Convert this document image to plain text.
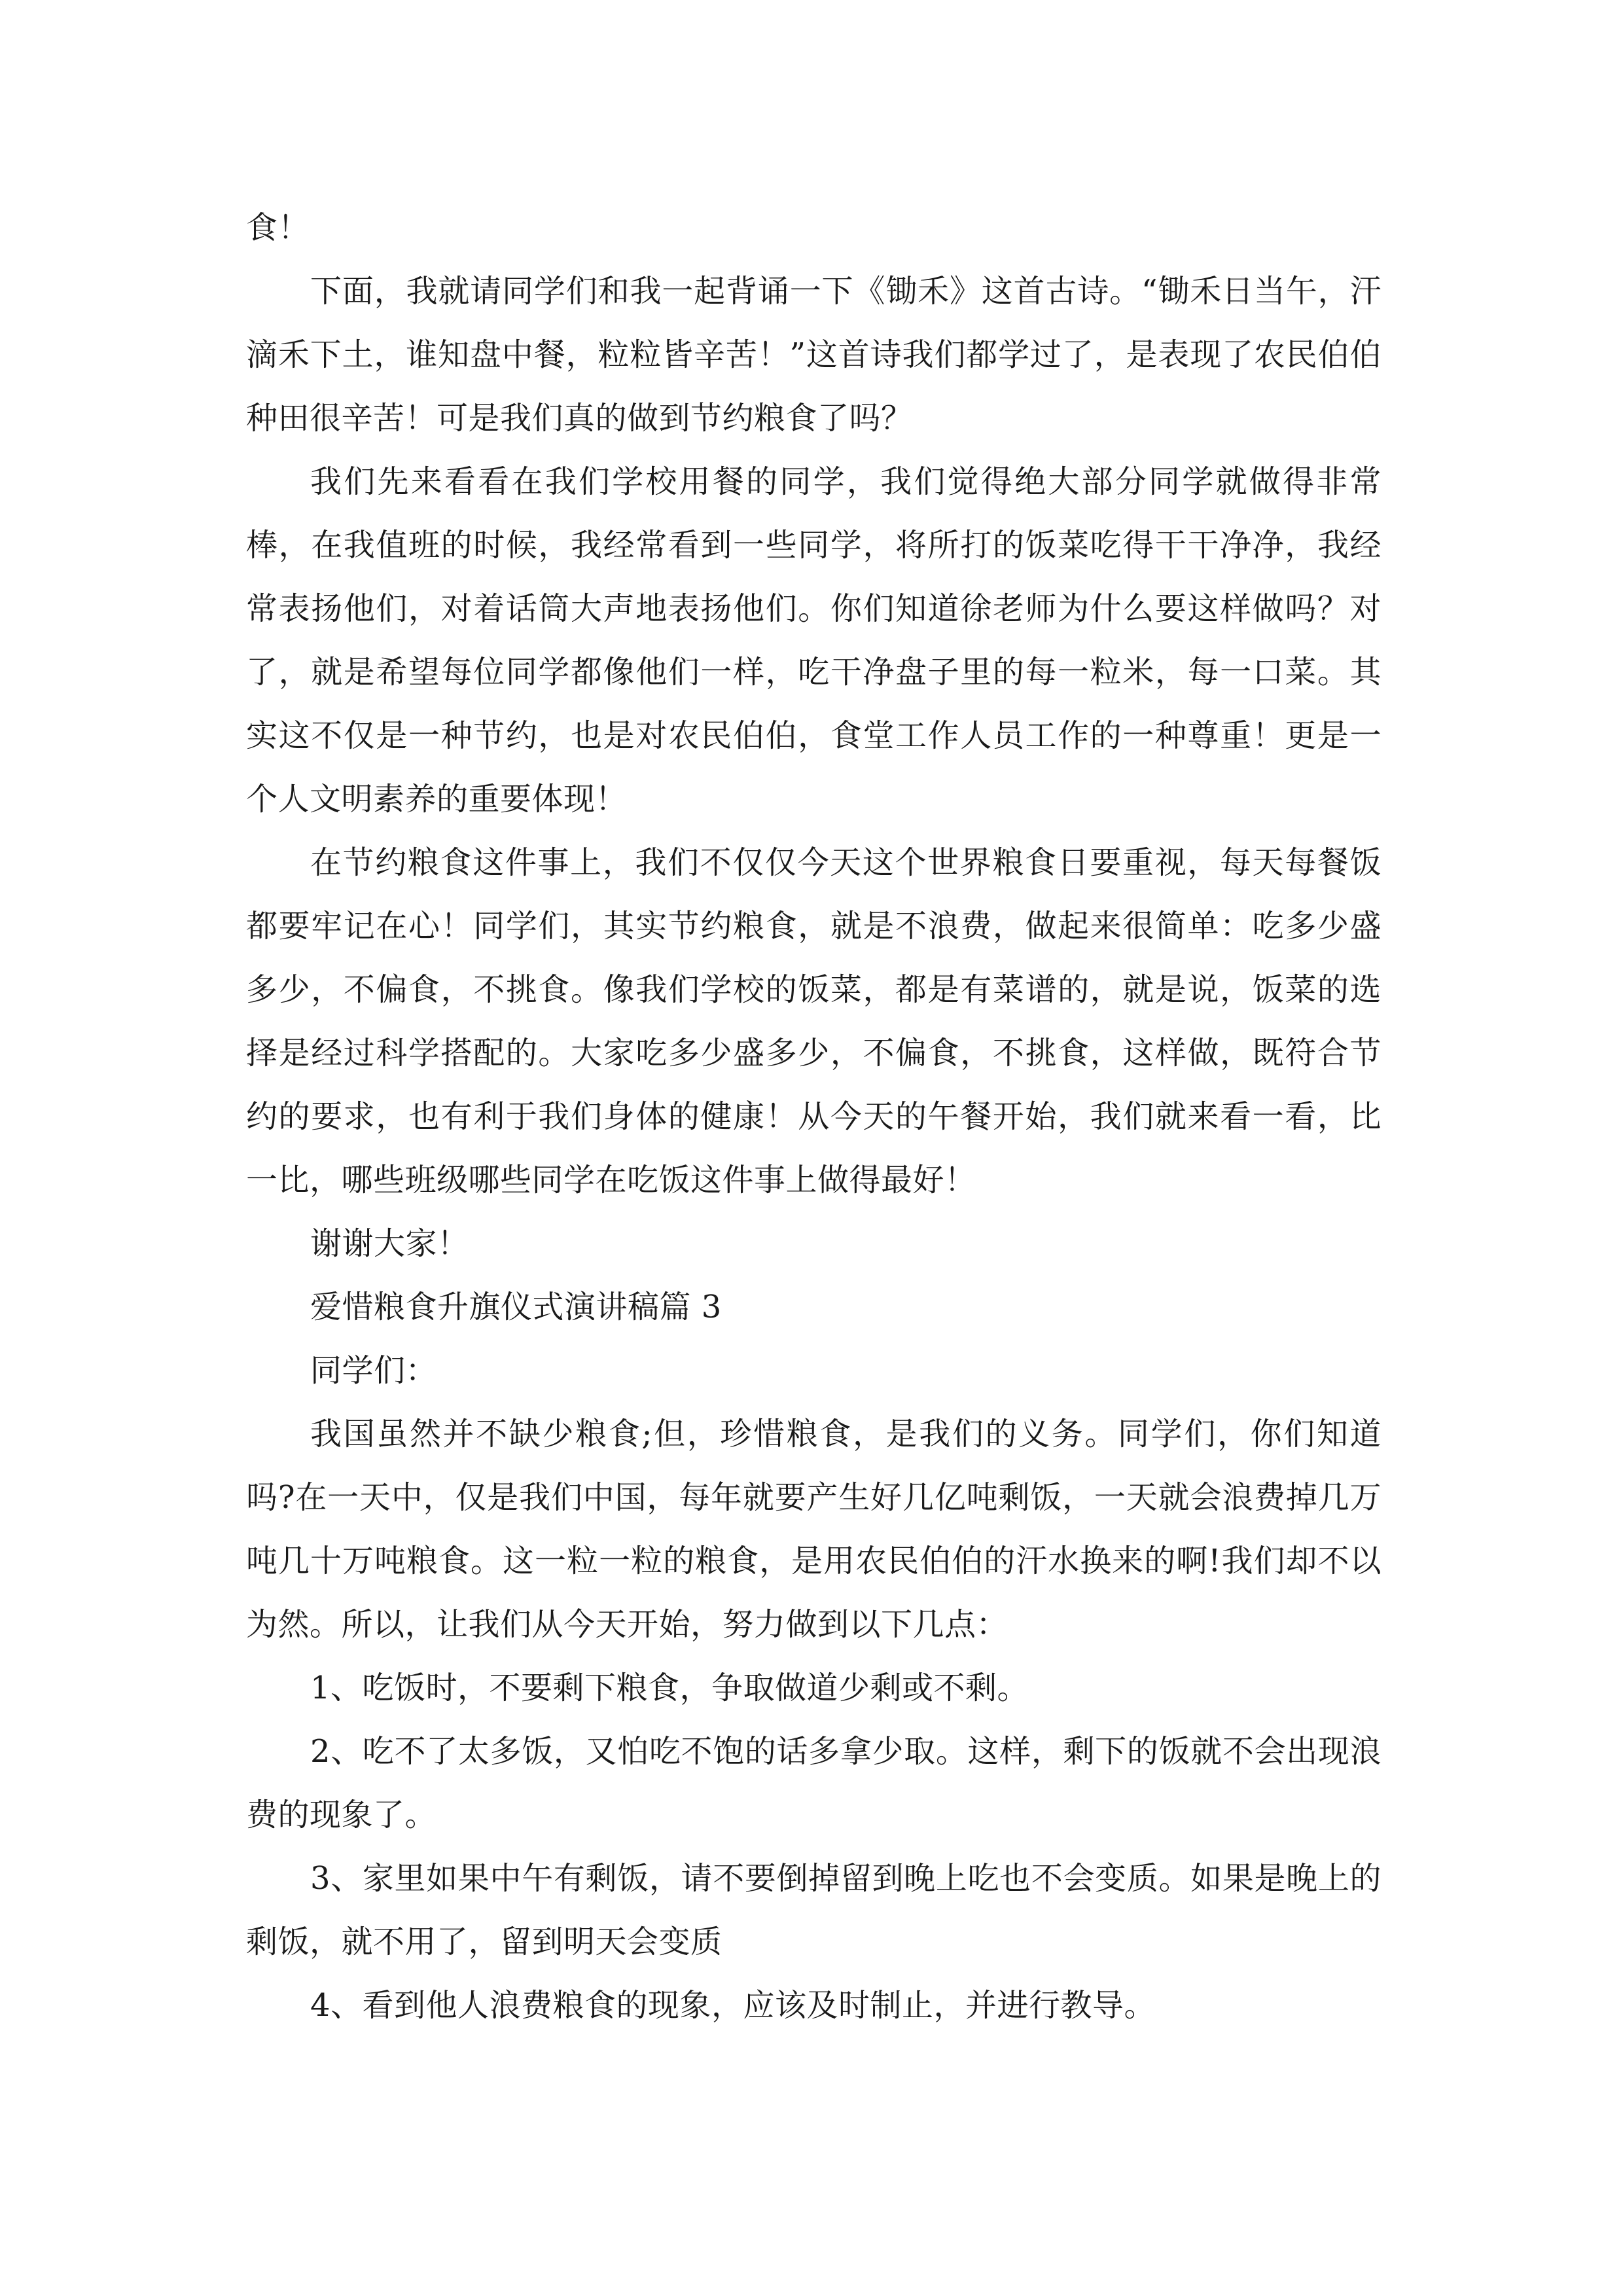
食！

下面，我就请同学们和我一起背诵一下《锄禾》这首古诗。“锄禾日当午，汗滴禾下土，谁知盘中餐，粒粒皆辛苦！”这首诗我们都学过了，是表现了农民伯伯种田很辛苦！可是我们真的做到节约粮食了吗？

我们先来看看在我们学校用餐的同学，我们觉得绝大部分同学就做得非常棒，在我值班的时候，我经常看到一些同学，将所打的饭菜吃得干干净净，我经常表扬他们，对着话筒大声地表扬他们。你们知道徐老师为什么要这样做吗？对了，就是希望每位同学都像他们一样，吃干净盘子里的每一粒米，每一口菜。其实这不仅是一种节约，也是对农民伯伯，食堂工作人员工作的一种尊重！更是一个人文明素养的重要体现！

在节约粮食这件事上，我们不仅仅今天这个世界粮食日要重视，每天每餐饭都要牢记在心！同学们，其实节约粮食，就是不浪费，做起来很简单：吃多少盛多少，不偏食，不挑食。像我们学校的饭菜，都是有菜谱的，就是说，饭菜的选择是经过科学搭配的。大家吃多少盛多少，不偏食，不挑食，这样做，既符合节约的要求，也有利于我们身体的健康！从今天的午餐开始，我们就来看一看，比一比，哪些班级哪些同学在吃饭这件事上做得最好！

谢谢大家！

爱惜粮食升旗仪式演讲稿篇 3

同学们：

我国虽然并不缺少粮食;但，珍惜粮食，是我们的义务。同学们，你们知道吗?在一天中，仅是我们中国，每年就要产生好几亿吨剩饭，一天就会浪费掉几万吨几十万吨粮食。这一粒一粒的粮食，是用农民伯伯的汗水换来的啊!我们却不以为然。所以，让我们从今天开始，努力做到以下几点：

1、吃饭时，不要剩下粮食，争取做道少剩或不剩。

2、吃不了太多饭，又怕吃不饱的话多拿少取。这样，剩下的饭就不会出现浪费的现象了。

3、家里如果中午有剩饭，请不要倒掉留到晚上吃也不会变质。如果是晚上的剩饭，就不用了，留到明天会变质

4、看到他人浪费粮食的现象，应该及时制止，并进行教导。
